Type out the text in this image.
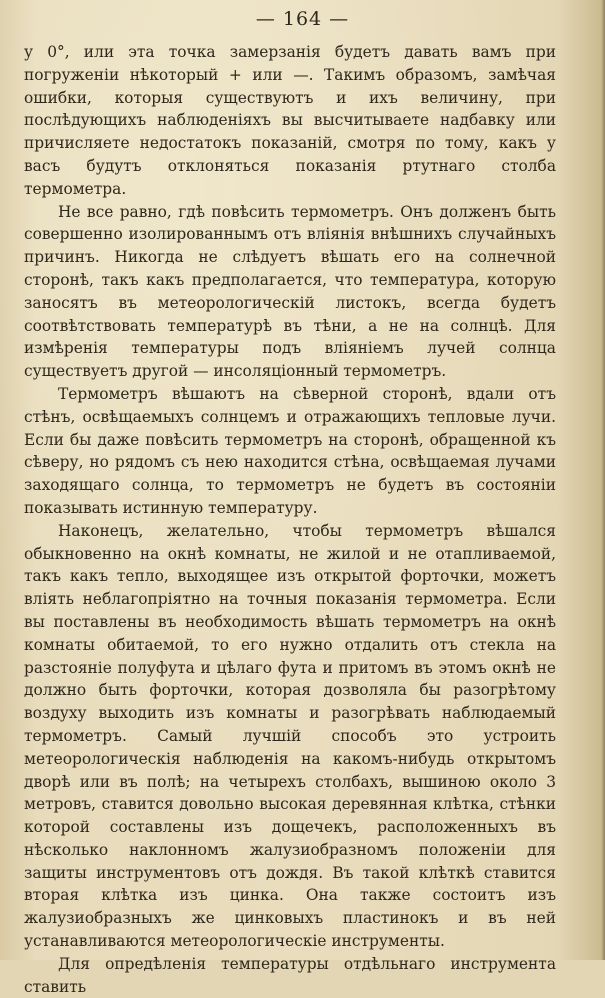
— 164 —

у 0°, или эта точка замерзанія будетъ давать вамъ при погруженіи нѣкоторый + или —. Такимъ образомъ, замѣчая ошибки, которыя существуютъ и ихъ величину, при послѣдующихъ наблюденіяхъ вы высчитываете надбавку или причисляете недостатокъ показаній, смотря по тому, какъ у васъ будутъ отклоняться показанія ртутнаго столба термометра.

Не все равно, гдѣ повѣсить термометръ. Онъ долженъ быть совершенно изолированнымъ отъ вліянія внѣшнихъ случайныхъ причинъ. Никогда не слѣдуетъ вѣшать его на солнечной сторонѣ, такъ какъ предполагается, что температура, которую заносятъ въ метеорологическій листокъ, всегда будетъ соотвѣтствовать температурѣ въ тѣни, а не на солнцѣ. Для измѣренія температуры подъ вліяніемъ лучей солнца существуетъ другой — инсоляціонный термометръ.

Термометръ вѣшаютъ на сѣверной сторонѣ, вдали отъ стѣнъ, освѣщаемыхъ солнцемъ и отражающихъ тепловые лучи. Если бы даже повѣсить термометръ на сторонѣ, обращенной къ сѣверу, но рядомъ съ нею находится стѣна, освѣщаемая лучами заходящаго солнца, то термометръ не будетъ въ состояніи показывать истинную температуру.

Наконецъ, желательно, чтобы термометръ вѣшался обыкновенно на окнѣ комнаты, не жилой и не отапливаемой, такъ какъ тепло, выходящее изъ открытой форточки, можетъ вліять неблагопріятно на точныя показанія термометра. Если вы поставлены въ необходимость вѣшать термометръ на окнѣ комнаты обитаемой, то его нужно отдалить отъ стекла на разстояніе полуфута и цѣлаго фута и притомъ въ этомъ окнѣ не должно быть форточки, которая дозволяла бы разогрѣтому воздуху выходить изъ комнаты и разогрѣвать наблюдаемый термометръ. Самый лучшій способъ это устроить метеорологическія наблюденія на какомъ-нибудь открытомъ дворѣ или въ полѣ; на четырехъ столбахъ, вышиною около 3 метровъ, ставится довольно высокая деревянная клѣтка, стѣнки которой составлены изъ дощечекъ, расположенныхъ въ нѣсколько наклонномъ жалузиобразномъ положеніи для защиты инструментовъ отъ дождя. Въ такой клѣткѣ ставится вторая клѣтка изъ цинка. Она также состоитъ изъ жалузиобразныхъ же цинковыхъ пластинокъ и въ ней устанавливаются метеорологическіе инструменты.

Для опредѣленія температуры отдѣльнаго инструмента ставить
